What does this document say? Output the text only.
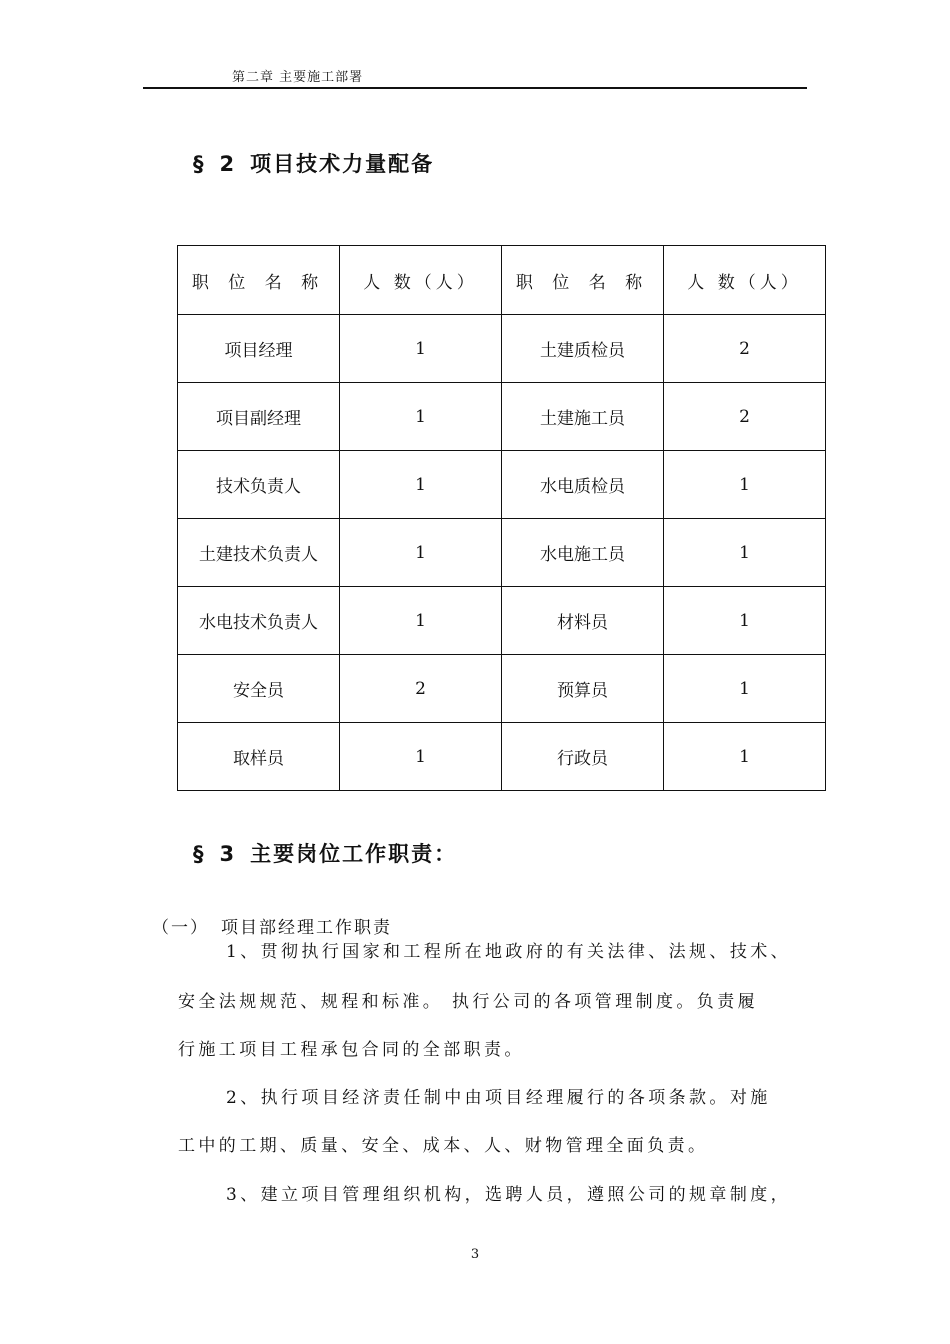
第二章 主要施工部署
§ 2 项目技术力量配备
职 位 名 称	人 数（人）	职 位 名 称	人 数（人）
项目经理	1	土建质检员	2
项目副经理	1	土建施工员	2
技术负责人	1	水电质检员	1
土建技术负责人	1	水电施工员	1
水电技术负责人	1	材料员	1
安全员	2	预算员	1
取样员	1	行政员	1
§ 3 主要岗位工作职责：
（一） 项目部经理工作职责
1、贯彻执行国家和工程所在地政府的有关法律、法规、技术、
安全法规规范、规程和标准。 执行公司的各项管理制度。负责履
行施工项目工程承包合同的全部职责。
2、执行项目经济责任制中由项目经理履行的各项条款。对施
工中的工期、质量、安全、成本、人、财物管理全面负责。
3、建立项目管理组织机构，选聘人员，遵照公司的规章制度，
3
